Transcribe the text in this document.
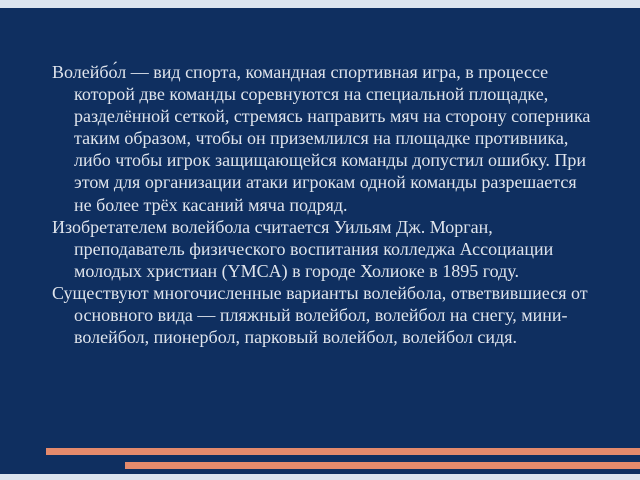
Волейбо́л — вид спорта, командная спортивная игра, в процессе которой две команды соревнуются на специальной площадке, разделённой сеткой, стремясь направить мяч на сторону соперника таким образом, чтобы он приземлился на площадке противника, либо чтобы игрок защищающейся команды допустил ошибку. При этом для организации атаки игрокам одной команды разрешается не более трёх касаний мяча подряд.

Изобретателем волейбола считается Уильям Дж. Морган, преподаватель физического воспитания колледжа Ассоциации молодых христиан (YMCA) в городе Холиоке в 1895 году.

Существуют многочисленные варианты волейбола, ответвившиеся от основного вида — пляжный волейбол, волейбол на снегу, мини-волейбол, пионербол, парковый волейбол, волейбол сидя.
